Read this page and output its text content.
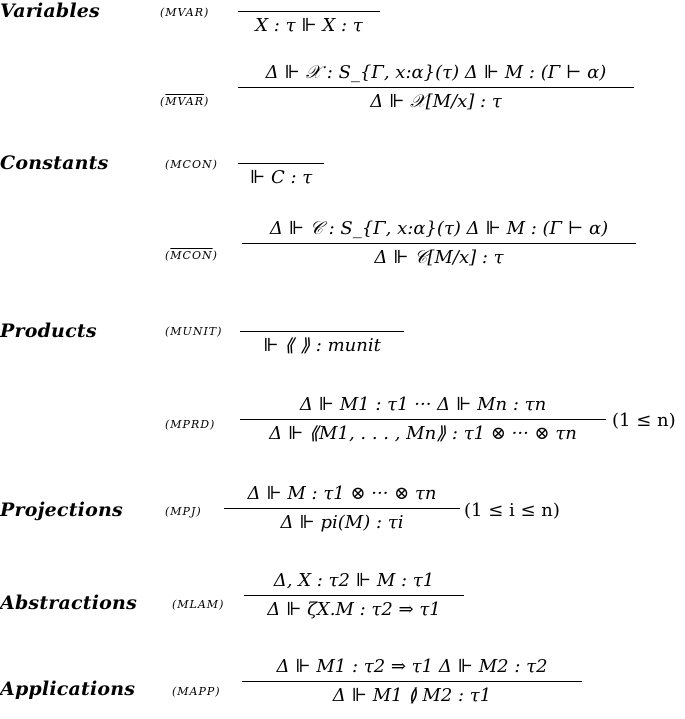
Variables
Constants
Products
Projections
Abstractions
Applications
(MVAR)
X : τ ⊩ X : τ
(MVAR)
Δ ⊩ 𝒳 : S_{Γ, x:α}(τ) Δ ⊩ M : (Γ ⊢ α)
Δ ⊩ 𝒳[M/x] : τ
(MCON)
⊩ C : τ
(MCON)
Δ ⊩ 𝒞 : S_{Γ, x:α}(τ) Δ ⊩ M : (Γ ⊢ α)
Δ ⊩ 𝒞[M/x] : τ
(MUNIT)
⊩ ⟪ ⟫ : munit
(MPRD)
Δ ⊩ M1 : τ1 ··· Δ ⊩ Mn : τn
Δ ⊩ ⟪M1, . . . , Mn⟫ : τ1 ⊗ ··· ⊗ τn
(1 ≤ n)
(MPJ)
Δ ⊩ M : τ1 ⊗ ··· ⊗ τn
Δ ⊩ pi(M) : τi
(1 ≤ i ≤ n)
(MLAM)
Δ, X : τ2 ⊩ M : τ1
Δ ⊩ ζX.M : τ2 ⇒ τ1
(MAPP)
Δ ⊩ M1 : τ2 ⇒ τ1 Δ ⊩ M2 : τ2
Δ ⊩ M1 ≬ M2 : τ1
